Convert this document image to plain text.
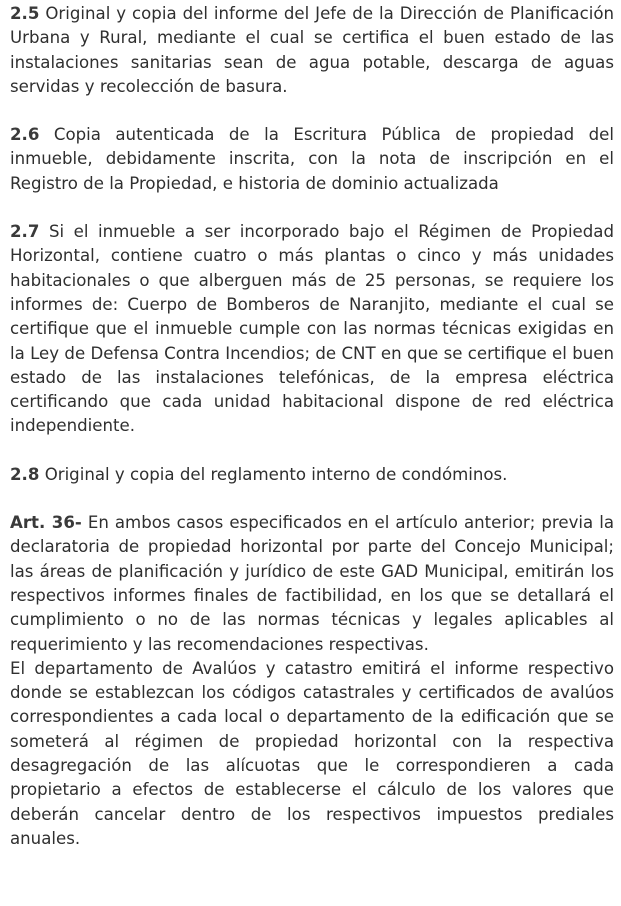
2.5 Original y copia del informe del Jefe de la Dirección de Planificación Urbana y Rural, mediante el cual se certifica el buen estado de las instalaciones sanitarias sean de agua potable, descarga de aguas servidas y recolección de basura.

2.6 Copia autenticada de la Escritura Pública de propiedad del inmueble, debidamente inscrita, con la nota de inscripción en el Registro de la Propiedad, e historia de dominio actualizada

2.7 Si el inmueble a ser incorporado bajo el Régimen de Propiedad Horizontal, contiene cuatro o más plantas o cinco y más unidades habitacionales o que alberguen más de 25 personas, se requiere los informes de: Cuerpo de Bomberos de Naranjito, mediante el cual se certifique que el inmueble cumple con las normas técnicas exigidas en la Ley de Defensa Contra Incendios; de CNT en que se certifique el buen estado de las instalaciones telefónicas, de la empresa eléctrica certificando que cada unidad habitacional dispone de red eléctrica independiente.

2.8 Original y copia del reglamento interno de condóminos.

Art. 36- En ambos casos especificados en el artículo anterior; previa la declaratoria de propiedad horizontal por parte del Concejo Municipal; las áreas de planificación y jurídico de este GAD Municipal, emitirán los respectivos informes finales de factibilidad, en los que se detallará el cumplimiento o no de las normas técnicas y legales aplicables al requerimiento y las recomendaciones respectivas.

El departamento de Avalúos y catastro emitirá el informe respectivo donde se establezcan los códigos catastrales y certificados de avalúos correspondientes a cada local o departamento de la edificación que se someterá al régimen de propiedad horizontal con la respectiva desagregación de las alícuotas que le correspondieren a cada propietario a efectos de establecerse el cálculo de los valores que deberán cancelar dentro de los respectivos impuestos prediales anuales.
